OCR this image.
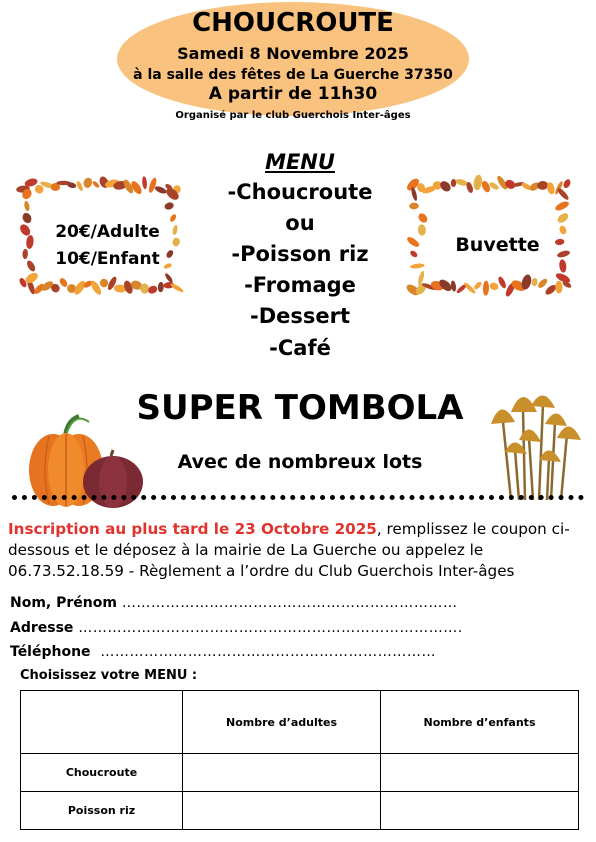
CHOUCROUTE
Samedi 8 Novembre 2025
à la salle des fêtes de La Guerche 37350
A partir de 11h30
Organisé par le club Guerchois Inter-âges
MENU
-Choucroute
ou
-Poisson riz
-Fromage
-Dessert
-Café
20€/Adulte
10€/Enfant
Buvette
SUPER TOMBOLA
Avec de nombreux lots
Inscription au plus tard le 23 Octobre 2025, remplissez le coupon ci-dessous et le déposez à la mairie de La Guerche ou appelez le 06.73.52.18.59 - Règlement a l’ordre du Club Guerchois Inter-âges
Nom, Prénom ……………………………………………………………
Adresse …………………………………………………………………….
Téléphone ……………………………………………………………
Choisissez votre MENU :
	Nombre d’adultes	Nombre d’enfants
Choucroute		
Poisson riz		
